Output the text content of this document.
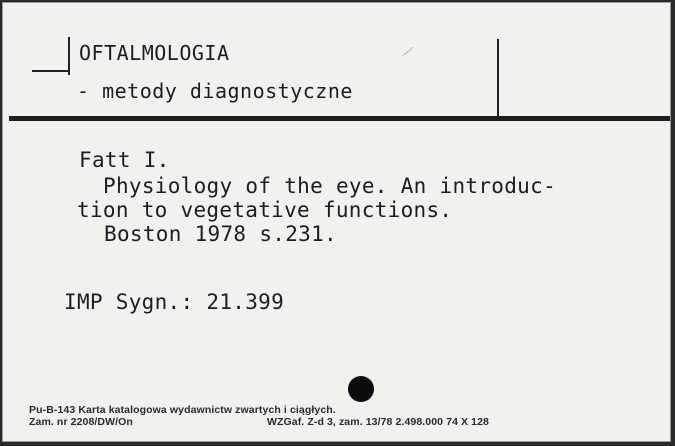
OFTALMOLOGIA
- metody diagnostyczne
Fatt I.
Physiology of the eye. An introduc-
tion to vegetative functions.
Boston 1978 s.231.
IMP Sygn.: 21.399
Pu-B-143 Karta katalogowa wydawnictw zwartych i ciągłych.
Zam. nr 2208/DW/On	WZGaf. Z-d 3, zam. 13/78 2.498.000 74 X 128
